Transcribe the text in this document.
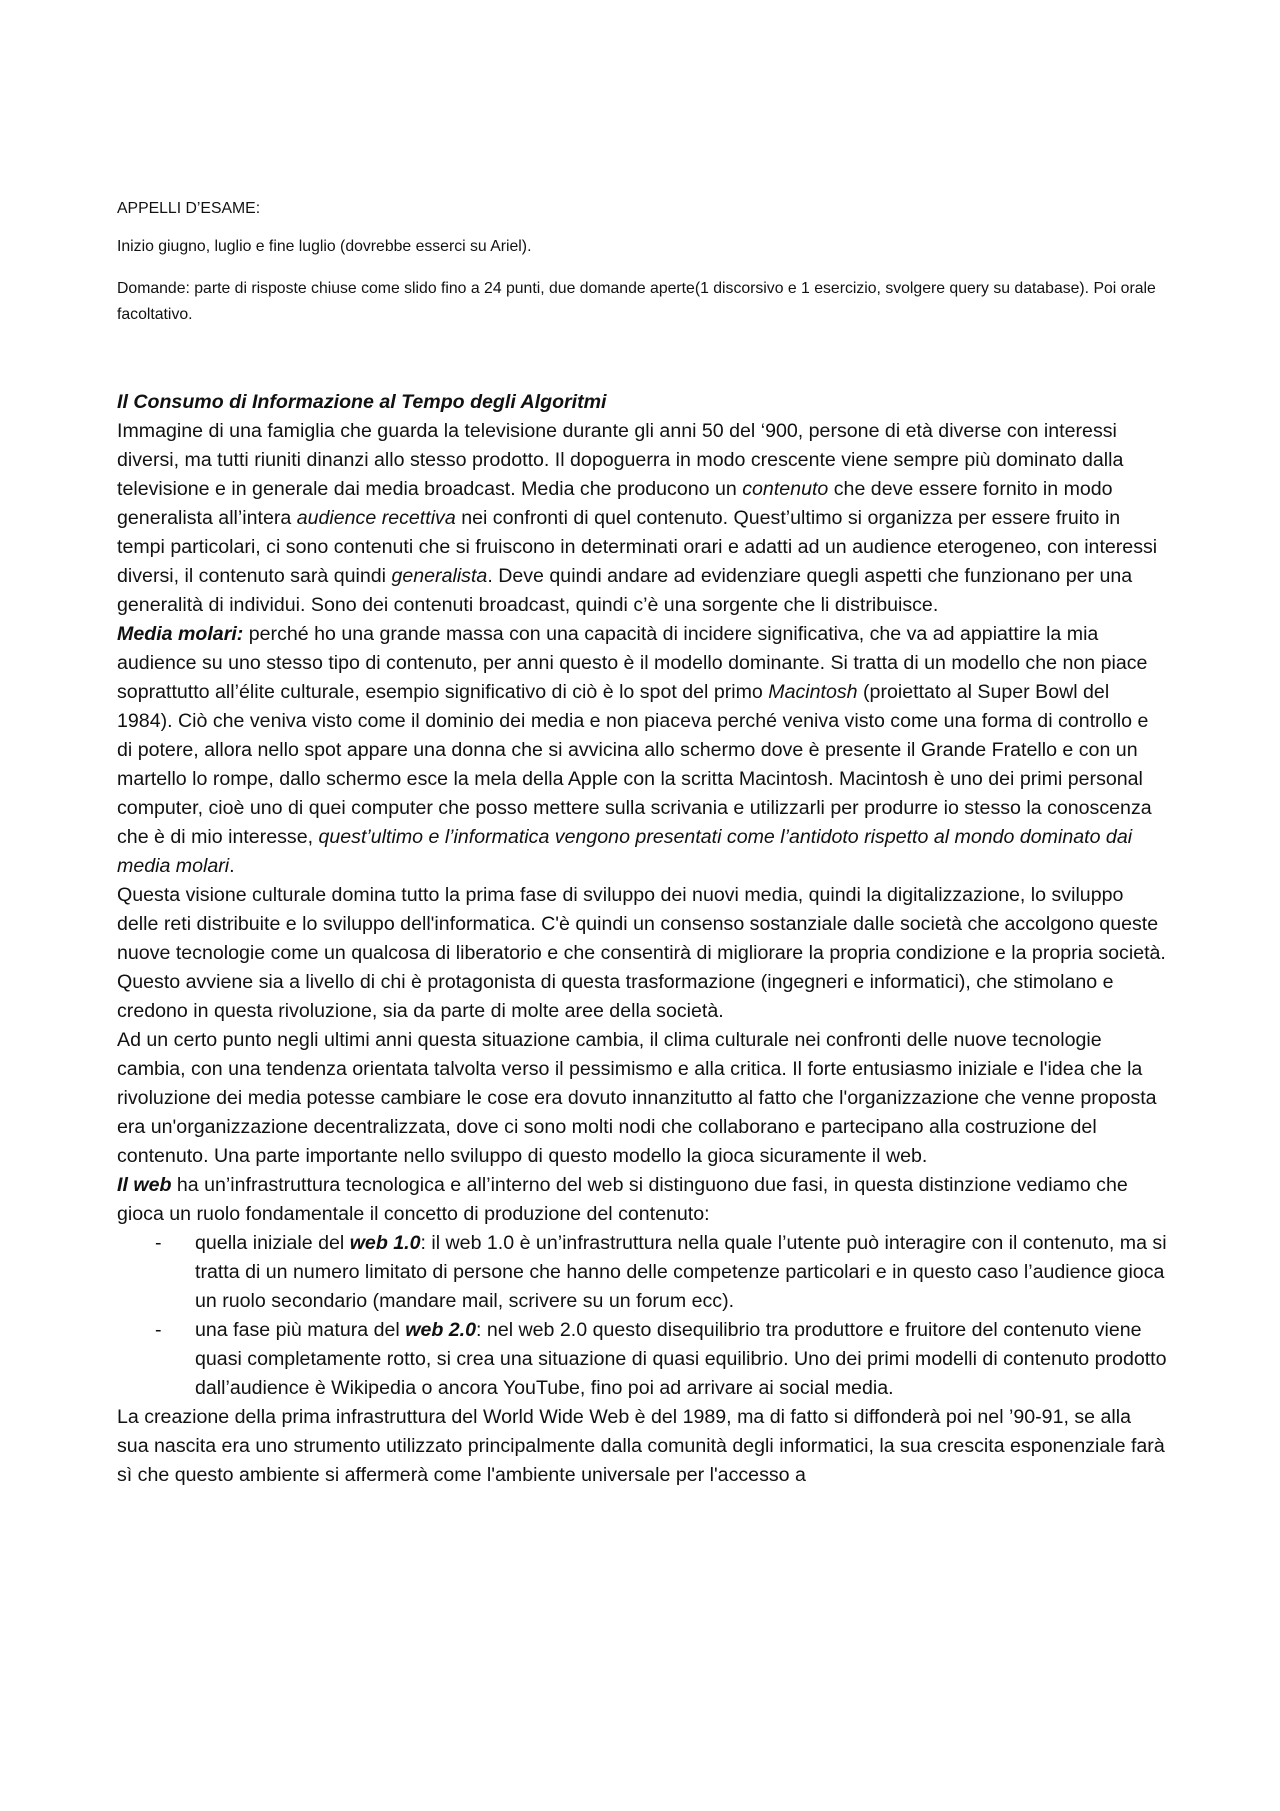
APPELLI D’ESAME:

Inizio giugno, luglio e fine luglio (dovrebbe esserci su Ariel).

Domande: parte di risposte chiuse come slido fino a 24 punti, due domande aperte(1 discorsivo e 1 esercizio, svolgere query su database). Poi orale facoltativo.

Il Consumo di Informazione al Tempo degli Algoritmi

Immagine di una famiglia che guarda la televisione durante gli anni 50 del ‘900, persone di età diverse con interessi diversi, ma tutti riuniti dinanzi allo stesso prodotto. Il dopoguerra in modo crescente viene sempre più dominato dalla televisione e in generale dai media broadcast. Media che producono un contenuto che deve essere fornito in modo generalista all’intera audience recettiva nei confronti di quel contenuto. Quest’ultimo si organizza per essere fruito in tempi particolari, ci sono contenuti che si fruiscono in determinati orari e adatti ad un audience eterogeneo, con interessi diversi, il contenuto sarà quindi generalista. Deve quindi andare ad evidenziare quegli aspetti che funzionano per una generalità di individui. Sono dei contenuti broadcast, quindi c’è una sorgente che li distribuisce.

Media molari: perché ho una grande massa con una capacità di incidere significativa, che va ad appiattire la mia audience su uno stesso tipo di contenuto, per anni questo è il modello dominante. Si tratta di un modello che non piace soprattutto all’élite culturale, esempio significativo di ciò è lo spot del primo Macintosh (proiettato al Super Bowl del 1984). Ciò che veniva visto come il dominio dei media e non piaceva perché veniva visto come una forma di controllo e di potere, allora nello spot appare una donna che si avvicina allo schermo dove è presente il Grande Fratello e con un martello lo rompe, dallo schermo esce la mela della Apple con la scritta Macintosh. Macintosh è uno dei primi personal computer, cioè uno di quei computer che posso mettere sulla scrivania e utilizzarli per produrre io stesso la conoscenza che è di mio interesse, quest’ultimo e l’informatica vengono presentati come l’antidoto rispetto al mondo dominato dai media molari.

Questa visione culturale domina tutto la prima fase di sviluppo dei nuovi media, quindi la digitalizzazione, lo sviluppo delle reti distribuite e lo sviluppo dell'informatica. C'è quindi un consenso sostanziale dalle società che accolgono queste nuove tecnologie come un qualcosa di liberatorio e che consentirà di migliorare la propria condizione e la propria società. Questo avviene sia a livello di chi è protagonista di questa trasformazione (ingegneri e informatici), che stimolano e credono in questa rivoluzione, sia da parte di molte aree della società.

Ad un certo punto negli ultimi anni questa situazione cambia, il clima culturale nei confronti delle nuove tecnologie cambia, con una tendenza orientata talvolta verso il pessimismo e alla critica. Il forte entusiasmo iniziale e l'idea che la rivoluzione dei media potesse cambiare le cose era dovuto innanzitutto al fatto che l'organizzazione che venne proposta era un'organizzazione decentralizzata, dove ci sono molti nodi che collaborano e partecipano alla costruzione del contenuto. Una parte importante nello sviluppo di questo modello la gioca sicuramente il web.

Il web ha un’infrastruttura tecnologica e all’interno del web si distinguono due fasi, in questa distinzione vediamo che gioca un ruolo fondamentale il concetto di produzione del contenuto:

- quella iniziale del web 1.0: il web 1.0 è un’infrastruttura nella quale l’utente può interagire con il contenuto, ma si tratta di un numero limitato di persone che hanno delle competenze particolari e in questo caso l’audience gioca un ruolo secondario (mandare mail, scrivere su un forum ecc).
- una fase più matura del web 2.0: nel web 2.0 questo disequilibrio tra produttore e fruitore del contenuto viene quasi completamente rotto, si crea una situazione di quasi equilibrio. Uno dei primi modelli di contenuto prodotto dall’audience è Wikipedia o ancora YouTube, fino poi ad arrivare ai social media.

La creazione della prima infrastruttura del World Wide Web è del 1989, ma di fatto si diffonderà poi nel ’90-91, se alla sua nascita era uno strumento utilizzato principalmente dalla comunità degli informatici, la sua crescita esponenziale farà sì che questo ambiente si affermerà come l'ambiente universale per l'accesso a
